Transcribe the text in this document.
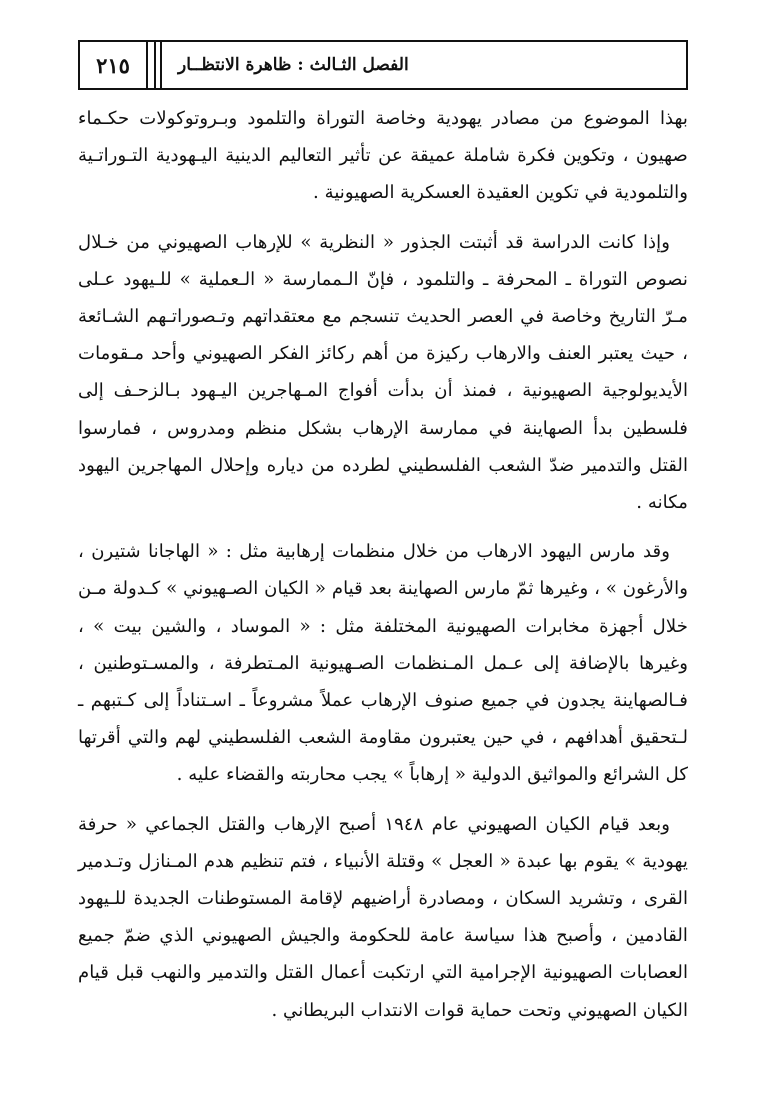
٢١٥	الفصل الثـالث : ظاهرة الانتظــار

بهذا الموضوع من مصادر يهودية وخاصة التوراة والتلمود وبـروتوكولات حكـماء صهيون ، وتكوين فكرة شاملة عميقة عن تأثير التعاليم الدينية اليـهودية التـوراتـية والتلمودية في تكوين العقيدة العسكرية الصهيونية .

وإذا كانت الدراسة قد أثبتت الجذور « النظرية » للإرهاب الصهيوني من خـلال نصوص التوراة ـ المحرفة ـ والتلمود ، فإنّ الـممارسة « الـعملية » للـيهود عـلى مـرّ التاريخ وخاصة في العصر الحديث تنسجم مع معتقداتهم وتـصوراتـهم الشـائعة ، حيث يعتبر العنف والارهاب ركيزة من أهم ركائز الفكر الصهيوني وأحد مـقومات الأيديولوجية الصهيونية ، فمنذ أن بدأت أفواج المـهاجرين اليـهود بـالزحـف إلى فلسطين بدأ الصهاينة في ممارسة الإرهاب بشكل منظم ومدروس ، فمارسوا القتل والتدمير ضدّ الشعب الفلسطيني لطرده من دياره وإحلال المهاجرين اليهود مكانه .

وقد مارس اليهود الارهاب من خلال منظمات إرهابية مثل : « الهاجانا شتيرن ، والأرغون » ، وغيرها ثمّ مارس الصهاينة بعد قيام « الكيان الصـهيوني » كـدولة مـن خلال أجهزة مخابرات الصهيونية المختلفة مثل : « الموساد ، والشين بيت » ، وغيرها بالإضافة إلى عـمل المـنظمات الصـهيونية المـتطرفة ، والمسـتوطنين ، فـالصهاينة يجدون في جميع صنوف الإرهاب عملاً مشروعاً ـ اسـتناداً إلى كـتبهم ـ لـتحقيق أهدافهم ، في حين يعتبرون مقاومة الشعب الفلسطيني لهم والتي أقرتها كل الشرائع والمواثيق الدولية « إرهاباً » يجب محاربته والقضاء عليه .

وبعد قيام الكيان الصهيوني عام ١٩٤٨ أصبح الإرهاب والقتل الجماعي « حرفة يهودية » يقوم بها عبدة « العجل » وقتلة الأنبياء ، فتم تنظيم هدم المـنازل وتـدمير القرى ، وتشريد السكان ، ومصادرة أراضيهم لإقامة المستوطنات الجديدة للـيهود القادمين ، وأصبح هذا سياسة عامة للحكومة والجيش الصهيوني الذي ضمّ جميع العصابات الصهيونية الإجرامية التي ارتكبت أعمال القتل والتدمير والنهب قبل قيام الكيان الصهيوني وتحت حماية قوات الانتداب البريطاني .
